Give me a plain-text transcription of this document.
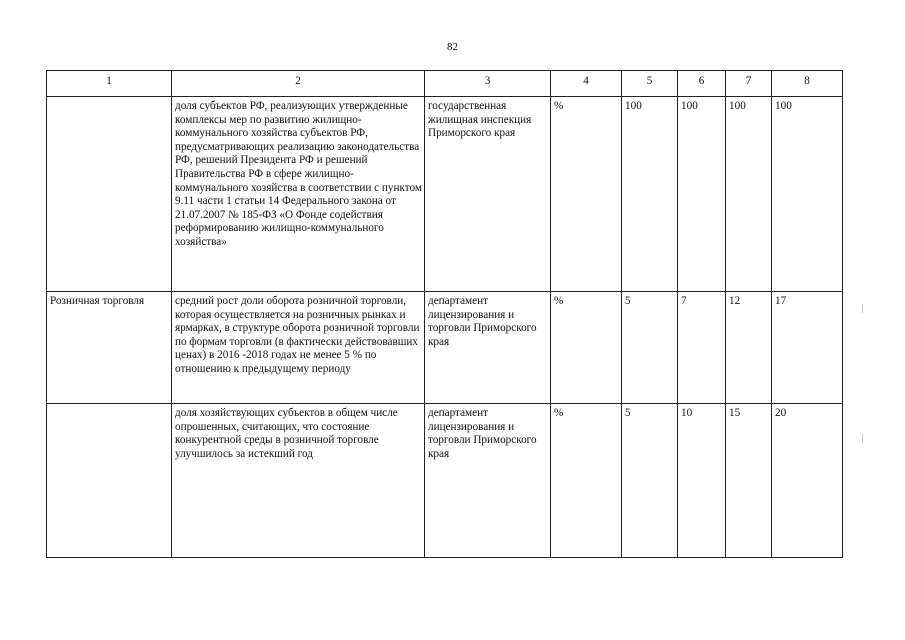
82
1	2	3	4	5	6	7	8
	доля субъектов РФ, реализующих утвержденные комплексы мер по развитию жилищно-коммунального хозяйства субъектов РФ, предусматривающих реализацию законодательства РФ, решений Президента РФ и решений Правительства РФ в сфере жилищно-коммунального хозяйства в соответствии с пунктом 9.11 части 1 статьи 14 Федерального закона от 21.07.2007 № 185-ФЗ «О Фонде содействия реформированию жилищно-коммунального хозяйства»	государственная жилищная инспекция Приморского края	%	100	100	100	100
Розничная торговля	средний рост доли оборота розничной торговли, которая осуществляется на розничных рынках и ярмарках, в структуре оборота розничной торговли по формам торговли (в фактически действовавших ценах) в 2016 -2018 годах не менее 5 % по отношению к предыдущему периоду	департамент лицензирования и торговли Приморского края	%	5	7	12	17
	доля хозяйствующих субъектов в общем числе опрошенных, считающих, что состояние конкурентной среды в розничной торговле улучшилось за истекший год	департамент лицензирования и торговли Приморского края	%	5	10	15	20
